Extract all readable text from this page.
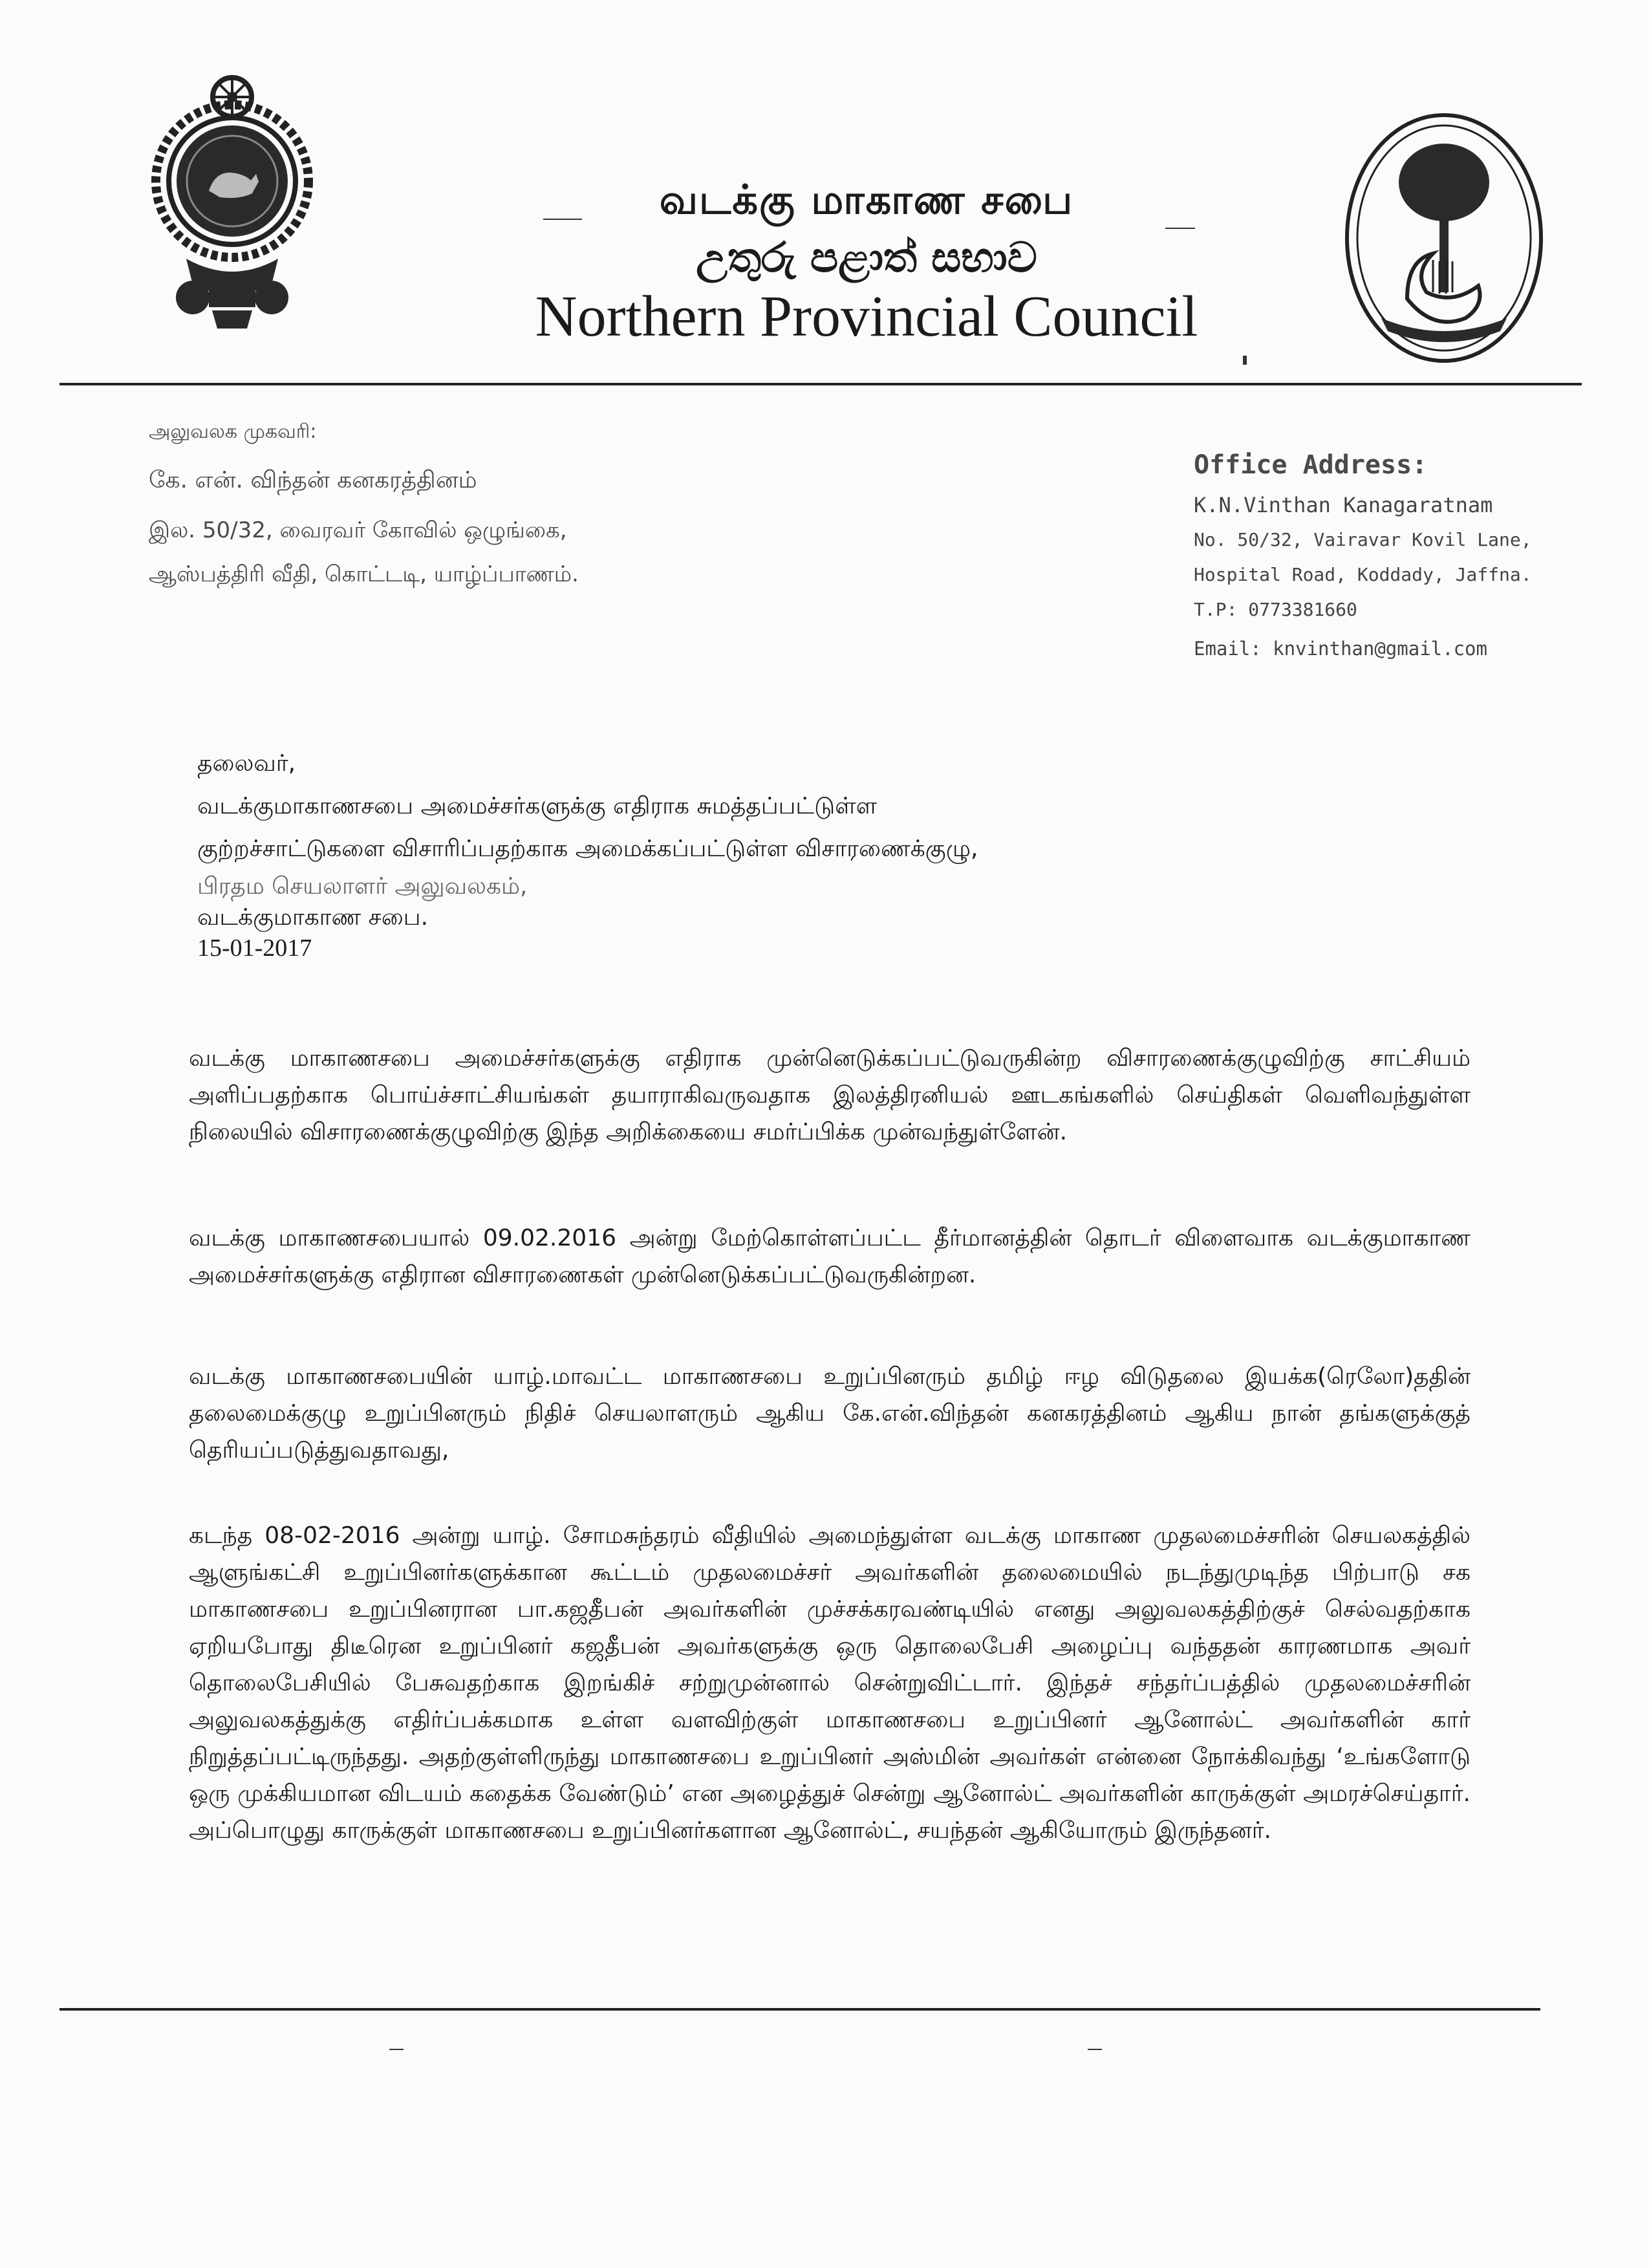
வடக்கு மாகாண சபை
උතුරු පළාත් සභාව
Northern Provincial Council
அலுவலக முகவரி:
கே. என். விந்தன் கனகரத்தினம்
இல. 50/32, வைரவர் கோவில் ஒழுங்கை,
ஆஸ்பத்திரி வீதி, கொட்டடி, யாழ்ப்பாணம்.
Office Address:
K.N.Vinthan Kanagaratnam
No. 50/32, Vairavar Kovil Lane,
Hospital Road, Koddady, Jaffna.
T.P: 0773381660
Email: knvinthan@gmail.com
தலைவர்,
வடக்குமாகாணசபை அமைச்சர்களுக்கு எதிராக சுமத்தப்பட்டுள்ள
குற்றச்சாட்டுகளை விசாரிப்பதற்காக அமைக்கப்பட்டுள்ள விசாரணைக்குழு,
பிரதம செயலாளர் அலுவலகம்,
வடக்குமாகாண சபை.
15-01-2017
வடக்கு மாகாணசபை அமைச்சர்களுக்கு எதிராக முன்னெடுக்கப்பட்டுவருகின்ற விசாரணைக்குழுவிற்கு சாட்சியம் அளிப்பதற்காக பொய்ச்சாட்சியங்கள் தயாராகிவருவதாக இலத்திரனியல் ஊடகங்களில் செய்திகள் வெளிவந்துள்ள நிலையில் விசாரணைக்குழுவிற்கு இந்த அறிக்கையை சமர்ப்பிக்க முன்வந்துள்ளேன்.
வடக்கு மாகாணசபையால் 09.02.2016 அன்று மேற்கொள்ளப்பட்ட தீர்மானத்தின் தொடர் விளைவாக வடக்குமாகாண அமைச்சர்களுக்கு எதிரான விசாரணைகள் முன்னெடுக்கப்பட்டுவருகின்றன.
வடக்கு மாகாணசபையின் யாழ்.மாவட்ட மாகாணசபை உறுப்பினரும் தமிழ் ஈழ விடுதலை இயக்க(ரெலோ)ததின் தலைமைக்குழு உறுப்பினரும் நிதிச் செயலாளரும் ஆகிய கே.என்.விந்தன் கனகரத்தினம் ஆகிய நான் தங்களுக்குத் தெரியப்படுத்துவதாவது,
கடந்த 08-02-2016 அன்று யாழ். சோமசுந்தரம் வீதியில் அமைந்துள்ள வடக்கு மாகாண முதலமைச்சரின் செயலகத்தில் ஆளுங்கட்சி உறுப்பினர்களுக்கான கூட்டம் முதலமைச்சர் அவர்களின் தலைமையில் நடந்துமுடிந்த பிற்பாடு சக மாகாணசபை உறுப்பினரான பா.கஜதீபன் அவர்களின் முச்சக்கரவண்டியில் எனது அலுவலகத்திற்குச் செல்வதற்காக ஏறியபோது திடீரென உறுப்பினர் கஜதீபன் அவர்களுக்கு ஒரு தொலைபேசி அழைப்பு வந்ததன் காரணமாக அவர் தொலைபேசியில் பேசுவதற்காக இறங்கிச் சற்றுமுன்னால் சென்றுவிட்டார். இந்தச் சந்தர்ப்பத்தில் முதலமைச்சரின் அலுவலகத்துக்கு எதிர்ப்பக்கமாக உள்ள வளவிற்குள் மாகாணசபை உறுப்பினர் ஆனோல்ட் அவர்களின் கார் நிறுத்தப்பட்டிருந்தது. அதற்குள்ளிருந்து மாகாணசபை உறுப்பினர் அஸ்மின் அவர்கள் என்னை நோக்கிவந்து ‘உங்களோடு ஒரு முக்கியமான விடயம் கதைக்க வேண்டும்’ என அழைத்துச் சென்று ஆனோல்ட் அவர்களின் காருக்குள் அமரச்செய்தார். அப்பொழுது காருக்குள் மாகாணசபை உறுப்பினர்களான ஆனோல்ட், சயந்தன் ஆகியோரும் இருந்தனர்.
